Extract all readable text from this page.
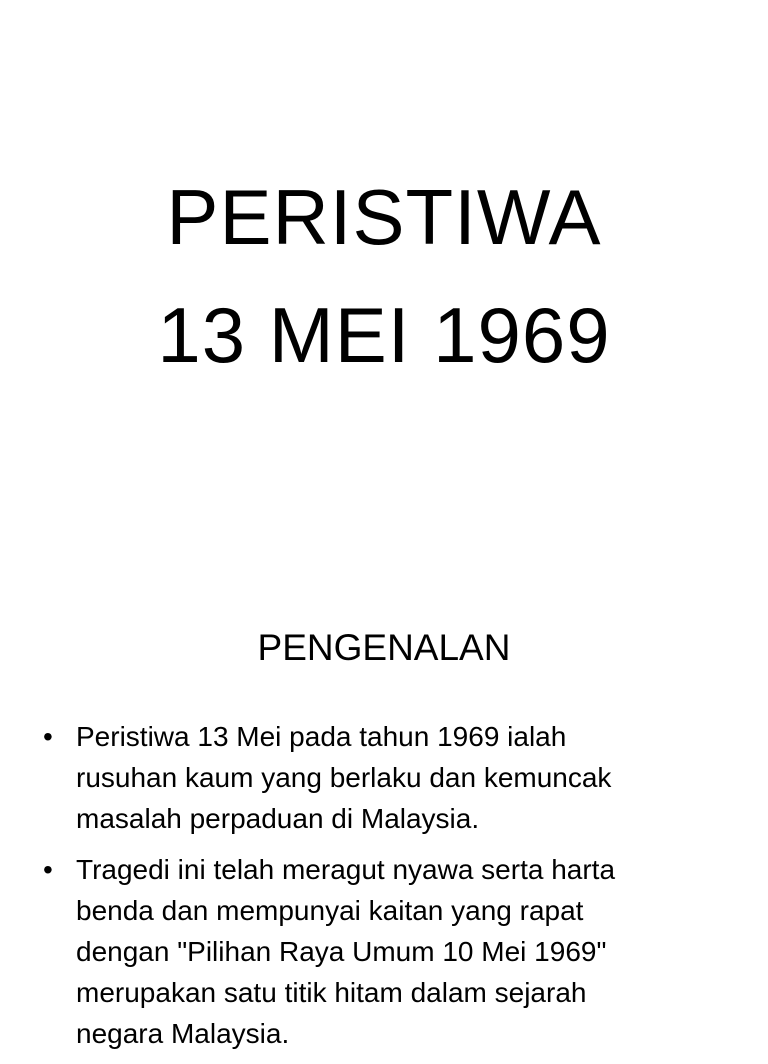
PERISTIWA
13 MEI 1969
PENGENALAN
• Peristiwa 13 Mei pada tahun 1969 ialah
rusuhan kaum yang berlaku dan kemuncak
masalah perpaduan di Malaysia.
• Tragedi ini telah meragut nyawa serta harta
benda dan mempunyai kaitan yang rapat
dengan "Pilihan Raya Umum 10 Mei 1969"
merupakan satu titik hitam dalam sejarah
negara Malaysia.
